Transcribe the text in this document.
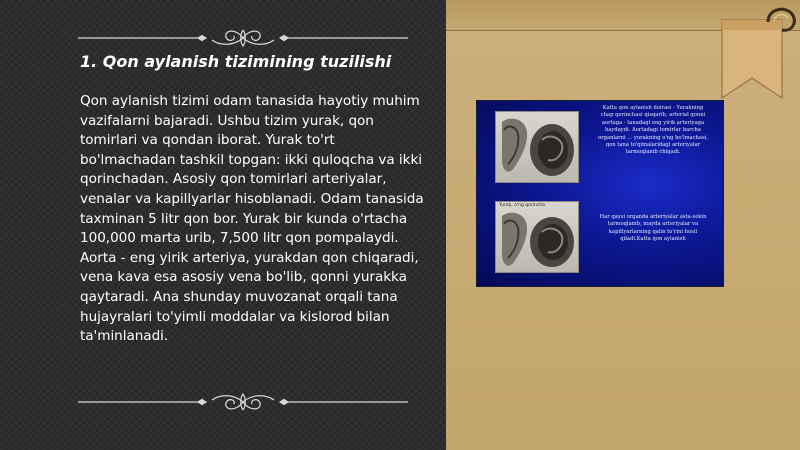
1. Qon aylanish tizimining tuzilishi

Qon aylanish tizimi odam tanasida hayotiy muhim vazifalarni bajaradi. Ushbu tizim yurak, qon tomirlari va qondan iborat. Yurak to'rt bo'lmachadan tashkil topgan: ikki quloqcha va ikki qorinchadan. Asosiy qon tomirlari arteriyalar, venalar va kapillyarlar hisoblanadi. Odam tanasida taxminan 5 litr qon bor. Yurak bir kunda o'rtacha 100,000 marta urib, 7,500 litr qon pompalaydi. Aorta - eng yirik arteriya, yurakdan qon chiqaradi, vena kava esa asosiy vena bo'lib, qonni yurakka qaytaradi. Ana shunday muvozanat orqali tana hujayralari to'yimli moddalar va kislorod bilan ta'minlanadi.

Yurak, o'ng qorincha

Katta qon aylanish doirasi - Yurakning chap qorinchasi qisqarib, arterial qonni aortaga - tanadagi eng yirik arteriyaga haydaydi. Aortadagi tomirlar barcha organlarni ... yurakning o'ng bo'lmachasi, qon tana to'qimalaridagi arteriyalar tarmoqlanib chiqadi.

Har qaysi organda arteriyalar asta-sekin tarmoqlanib, mayda arteriyalar va kapillyarlarning qalin to'rini hosil qiladi.Katta qon aylanish
